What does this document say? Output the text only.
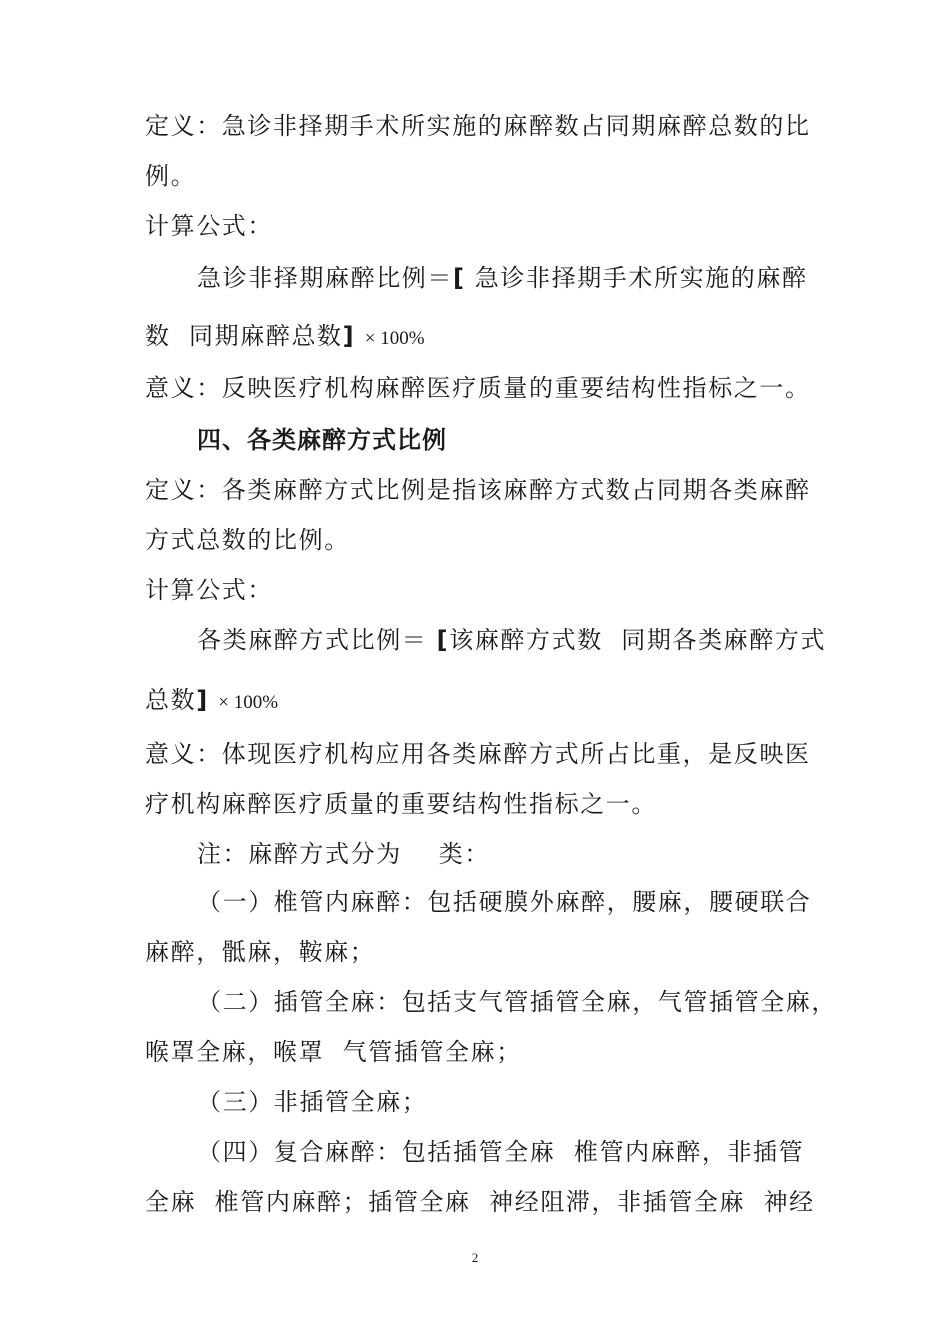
定义：急诊非择期手术所实施的麻醉数占同期麻醉总数的比
例。
计算公式：
急诊非择期麻醉比例＝[ 急诊非择期手术所实施的麻醉
数  同期麻醉总数]  × 100%
意义：反映医疗机构麻醉医疗质量的重要结构性指标之一。
四、各类麻醉方式比例
定义：各类麻醉方式比例是指该麻醉方式数占同期各类麻醉
方式总数的比例。
计算公式：
各类麻醉方式比例＝ [该麻醉方式数  同期各类麻醉方式
总数]  × 100%
意义：体现医疗机构应用各类麻醉方式所占比重，是反映医
疗机构麻醉医疗质量的重要结构性指标之一。
注：麻醉方式分为    类：
（一）椎管内麻醉：包括硬膜外麻醉，腰麻，腰硬联合
麻醉，骶麻，鞍麻；
（二）插管全麻：包括支气管插管全麻，气管插管全麻，
喉罩全麻，喉罩  气管插管全麻；
（三）非插管全麻；
（四）复合麻醉：包括插管全麻  椎管内麻醉，非插管
全麻  椎管内麻醉；插管全麻  神经阻滞，非插管全麻  神经
2
